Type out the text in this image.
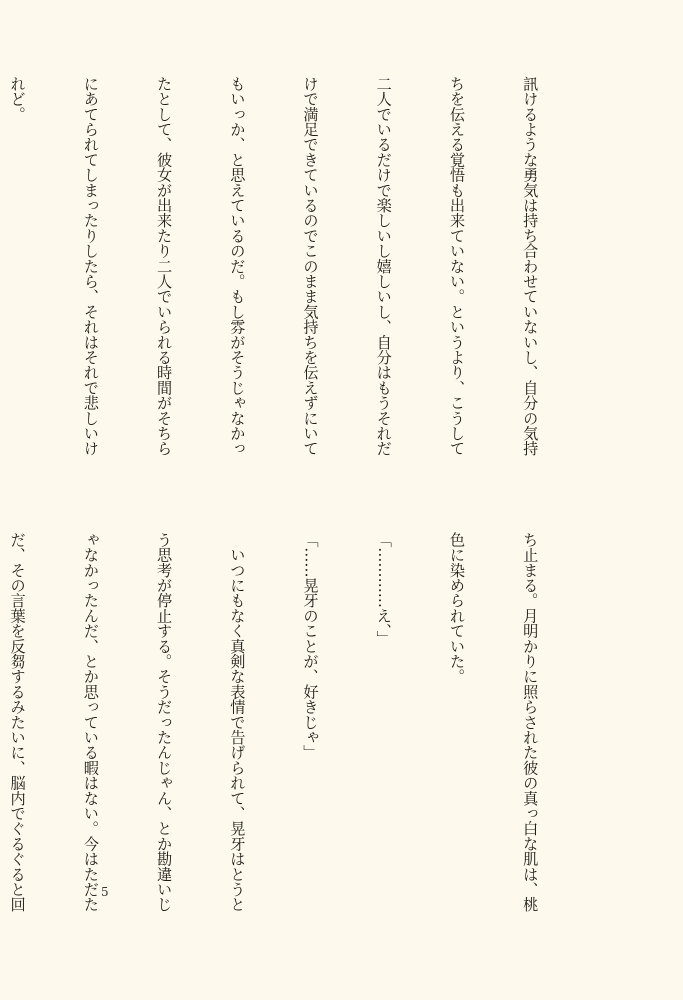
訊けるような勇気は持ち合わせていないし、自分の気持

ちを伝える覚悟も出来ていない。というより、こうして

二人でいるだけで楽しいし嬉しいし、自分はもうそれだ

けで満足できているのでこのまま気持ちを伝えずにいて

もいっか、と思えているのだ。もし雰がそうじゃなかっ

たとして、彼女が出来たり二人でいられる時間がそちら

にあてられてしまったりしたら、それはそれで悲しいけ

れど。

ち止まる。月明かりに照らされた彼の真っ白な肌は、桃

色に染められていた。

「…………え、」

「……晃牙のことが、好きじゃ」

　いつにもなく真剣な表情で告げられて、晃牙はとうと

う思考が停止する。そうだったんじゃん、とか勘違いじ

ゃなかったんだ、とか思っている暇はない。今はただた

だ、その言葉を反芻するみたいに、脳内でぐるぐると回

	5
